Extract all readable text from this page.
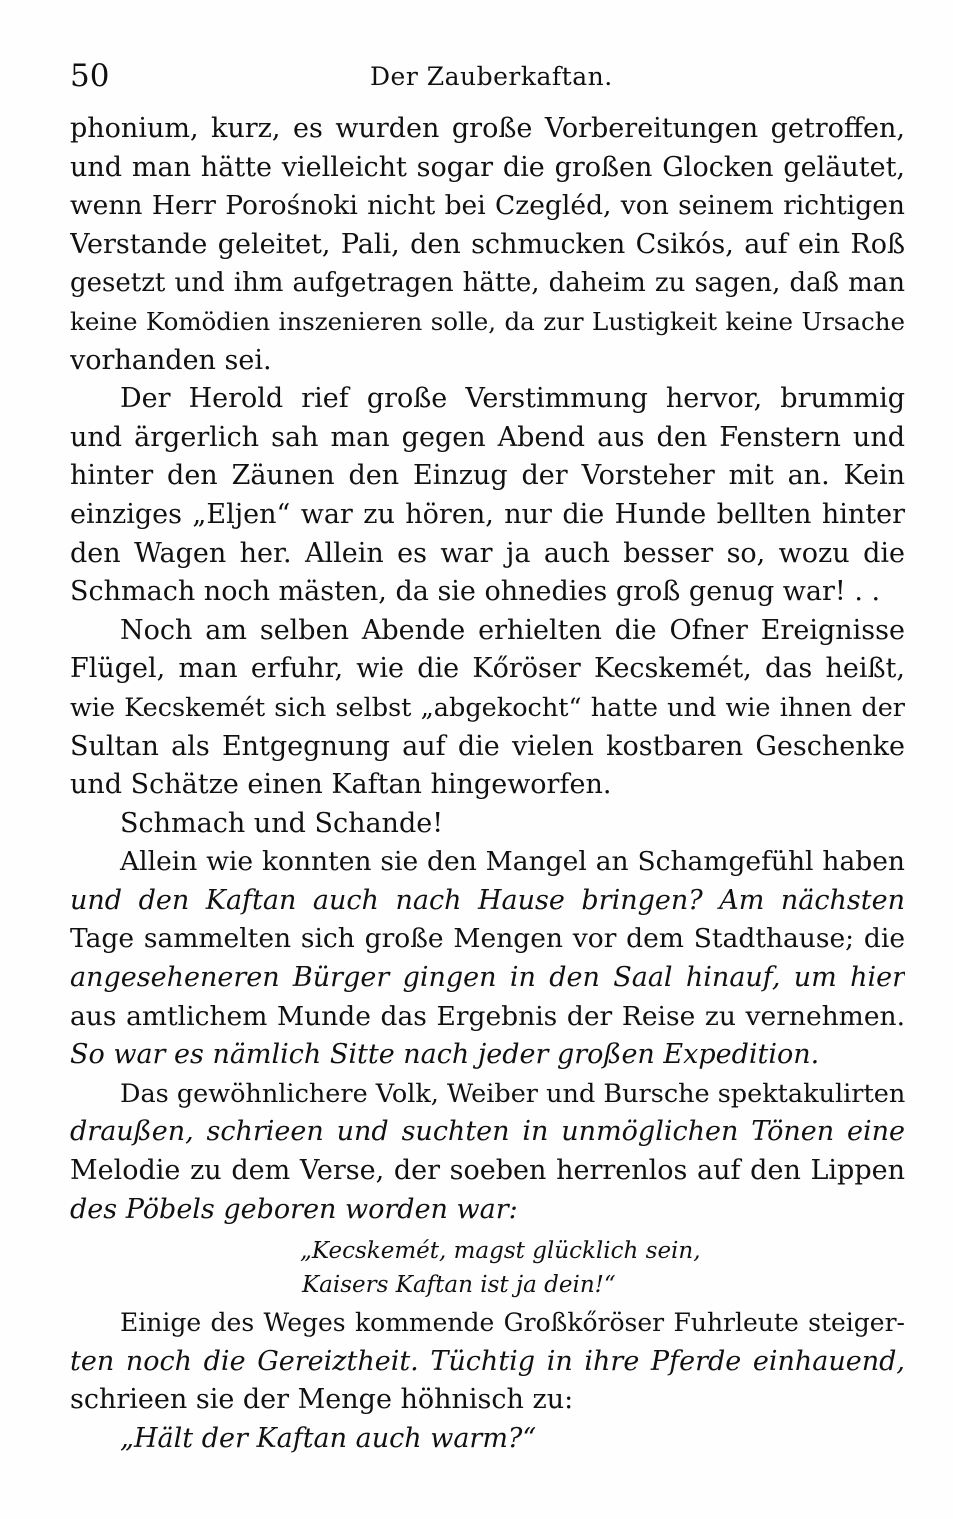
50	Der Zauberkaftan.
phonium, kurz, es wurden große Vorbereitungen getroffen,
und man hätte vielleicht sogar die großen Glocken geläutet,
wenn Herr Porośnoki nicht bei Czegléd, von seinem richtigen
Verstande geleitet, Pali, den schmucken Csikós, auf ein Roß
gesetzt und ihm aufgetragen hätte, daheim zu sagen, daß man
keine Komödien inszenieren solle, da zur Lustigkeit keine Ursache
vorhanden sei.
Der Herold rief große Verstimmung hervor, brummig
und ärgerlich sah man gegen Abend aus den Fenstern und
hinter den Zäunen den Einzug der Vorsteher mit an. Kein
einziges „Eljen“ war zu hören, nur die Hunde bellten hinter
den Wagen her. Allein es war ja auch besser so, wozu die
Schmach noch mästen, da sie ohnedies groß genug war! . .
Noch am selben Abende erhielten die Ofner Ereignisse
Flügel, man erfuhr, wie die Kőröser Kecskemét, das heißt,
wie Kecskemét sich selbst „abgekocht“ hatte und wie ihnen der
Sultan als Entgegnung auf die vielen kostbaren Geschenke
und Schätze einen Kaftan hingeworfen.
Schmach und Schande!
Allein wie konnten sie den Mangel an Schamgefühl haben
und den Kaftan auch nach Hause bringen? Am nächsten
Tage sammelten sich große Mengen vor dem Stadthause; die
angeseheneren Bürger gingen in den Saal hinauf, um hier
aus amtlichem Munde das Ergebnis der Reise zu vernehmen.
So war es nämlich Sitte nach jeder großen Expedition.
Das gewöhnlichere Volk, Weiber und Bursche spektakulirten
draußen, schrieen und suchten in unmöglichen Tönen eine
Melodie zu dem Verse, der soeben herrenlos auf den Lippen
des Pöbels geboren worden war:
„Kecskemét, magst glücklich sein,
Kaisers Kaftan ist ja dein!“
Einige des Weges kommende Großkőröser Fuhrleute steiger-
ten noch die Gereiztheit. Tüchtig in ihre Pferde einhauend,
schrieen sie der Menge höhnisch zu:
„Hält der Kaftan auch warm?“
